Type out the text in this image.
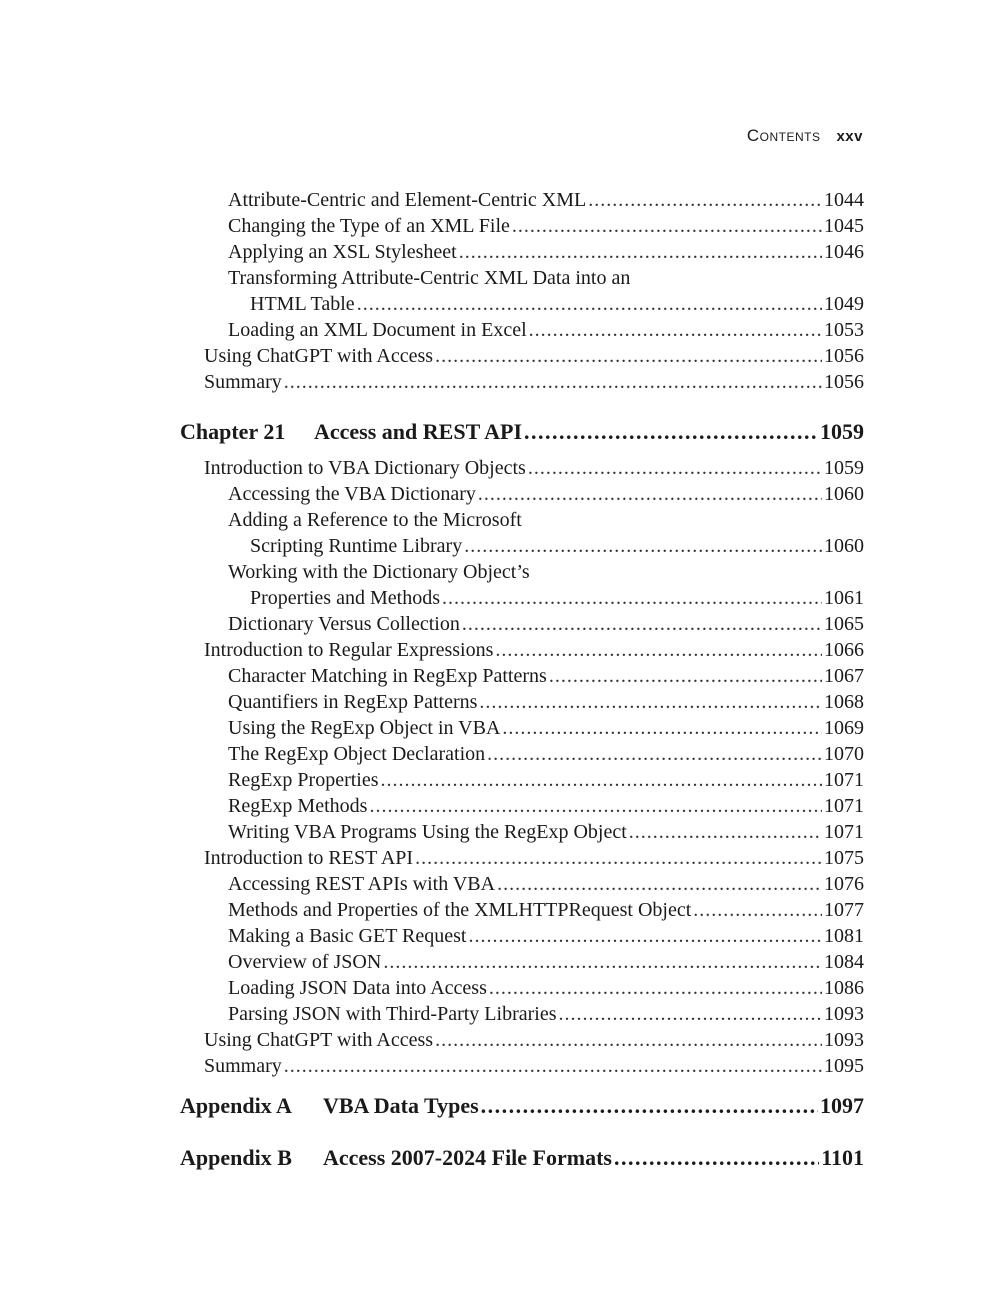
Contents xxv
Attribute-Centric and Element-Centric XML . . .	1044
Changing the Type of an XML File . . .	1045
Applying an XSL Stylesheet . . .	1046
Transforming Attribute-Centric XML Data into an
HTML Table . . .	1049
Loading an XML Document in Excel . . .	1053
Using ChatGPT with Access . . .	1056
Summary . . .	1056
Chapter 21	Access and REST API . . .	1059
Introduction to VBA Dictionary Objects . . .	1059
Accessing the VBA Dictionary . . .	1060
Adding a Reference to the Microsoft
Scripting Runtime Library . . .	1060
Working with the Dictionary Object’s
Properties and Methods . . .	1061
Dictionary Versus Collection . . .	1065
Introduction to Regular Expressions . . .	1066
Character Matching in RegExp Patterns . . .	1067
Quantifiers in RegExp Patterns . . .	1068
Using the RegExp Object in VBA . . .	1069
The RegExp Object Declaration . . .	1070
RegExp Properties . . .	1071
RegExp Methods . . .	1071
Writing VBA Programs Using the RegExp Object . . .	1071
Introduction to REST API . . .	1075
Accessing REST APIs with VBA . . .	1076
Methods and Properties of the XMLHTTPRequest Object . . .	1077
Making a Basic GET Request . . .	1081
Overview of JSON . . .	1084
Loading JSON Data into Access . . .	1086
Parsing JSON with Third-Party Libraries . . .	1093
Using ChatGPT with Access . . .	1093
Summary . . .	1095
Appendix A	VBA Data Types . . .	1097
Appendix B	Access 2007-2024 File Formats . . .	1101
